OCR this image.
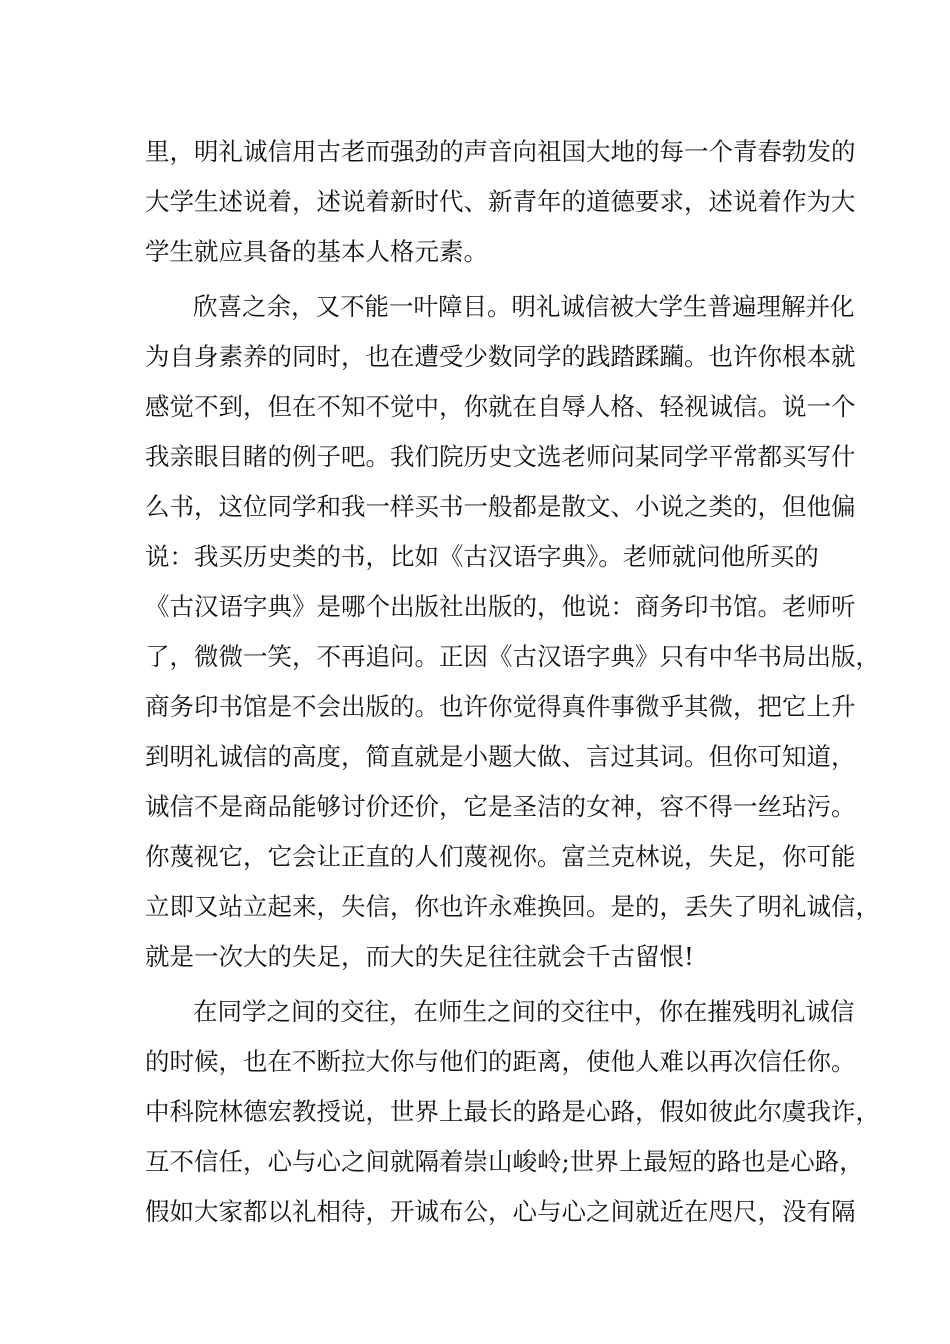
里，明礼诚信用古老而强劲的声音向祖国大地的每一个青春勃发的
大学生述说着，述说着新时代、新青年的道德要求，述说着作为大
学生就应具备的基本人格元素。
欣喜之余，又不能一叶障目。明礼诚信被大学生普遍理解并化
为自身素养的同时，也在遭受少数同学的践踏蹂躏。也许你根本就
感觉不到，但在不知不觉中，你就在自辱人格、轻视诚信。说一个
我亲眼目睹的例子吧。我们院历史文选老师问某同学平常都买写什
么书，这位同学和我一样买书一般都是散文、小说之类的，但他偏
说：我买历史类的书，比如《古汉语字典》。老师就问他所买的
《古汉语字典》是哪个出版社出版的，他说：商务印书馆。老师听
了，微微一笑，不再追问。正因《古汉语字典》只有中华书局出版，
商务印书馆是不会出版的。也许你觉得真件事微乎其微，把它上升
到明礼诚信的高度，简直就是小题大做、言过其词。但你可知道，
诚信不是商品能够讨价还价，它是圣洁的女神，容不得一丝玷污。
你蔑视它，它会让正直的人们蔑视你。富兰克林说，失足，你可能
立即又站立起来，失信，你也许永难换回。是的，丢失了明礼诚信，
就是一次大的失足，而大的失足往往就会千古留恨!
在同学之间的交往，在师生之间的交往中，你在摧残明礼诚信
的时候，也在不断拉大你与他们的距离，使他人难以再次信任你。
中科院林德宏教授说，世界上最长的路是心路，假如彼此尔虞我诈，
互不信任，心与心之间就隔着崇山峻岭;世界上最短的路也是心路，
假如大家都以礼相待，开诚布公，心与心之间就近在咫尺，没有隔
